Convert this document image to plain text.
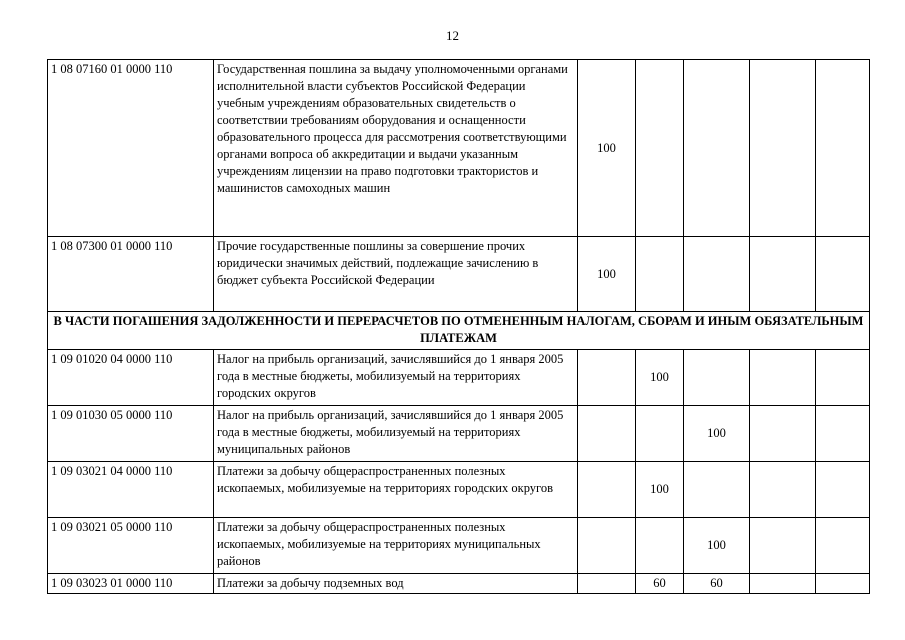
12
1 08 07160 01 0000 110	Государственная пошлина за выдачу уполномоченными органами исполнительной власти субъектов Российской Федерации учебным учреждениям образовательных свидетельств о соответствии требованиям оборудования и оснащенности образовательного процесса для рассмотрения соответствующими органами вопроса об аккредитации и выдачи указанным учреждениям лицензии на право подготовки трактористов и машинистов самоходных машин	100				
1 08 07300 01 0000 110	Прочие государственные пошлины за совершение прочих юридически значимых действий, подлежащие зачислению в бюджет субъекта Российской Федерации	100				
В ЧАСТИ ПОГАШЕНИЯ ЗАДОЛЖЕННОСТИ И ПЕРЕРАСЧЕТОВ ПО ОТМЕНЕННЫМ НАЛОГАМ, СБОРАМ И ИНЫМ ОБЯЗАТЕЛЬНЫМ ПЛАТЕЖАМ						
1 09 01020 04 0000 110	Налог на прибыль организаций, зачислявшийся до 1 января 2005 года в местные бюджеты, мобилизуемый на территориях городских округов		100			
1 09 01030 05 0000 110	Налог на прибыль организаций, зачислявшийся до 1 января 2005 года в местные бюджеты, мобилизуемый на территориях муниципальных районов			100		
1 09 03021 04 0000 110	Платежи за добычу общераспространенных полезных ископаемых, мобилизуемые на территориях городских округов		100			
1 09 03021 05 0000 110	Платежи за добычу общераспространенных полезных ископаемых, мобилизуемые на территориях муниципальных районов			100		
1 09 03023 01 0000 110	Платежи за добычу подземных вод		60	60		
